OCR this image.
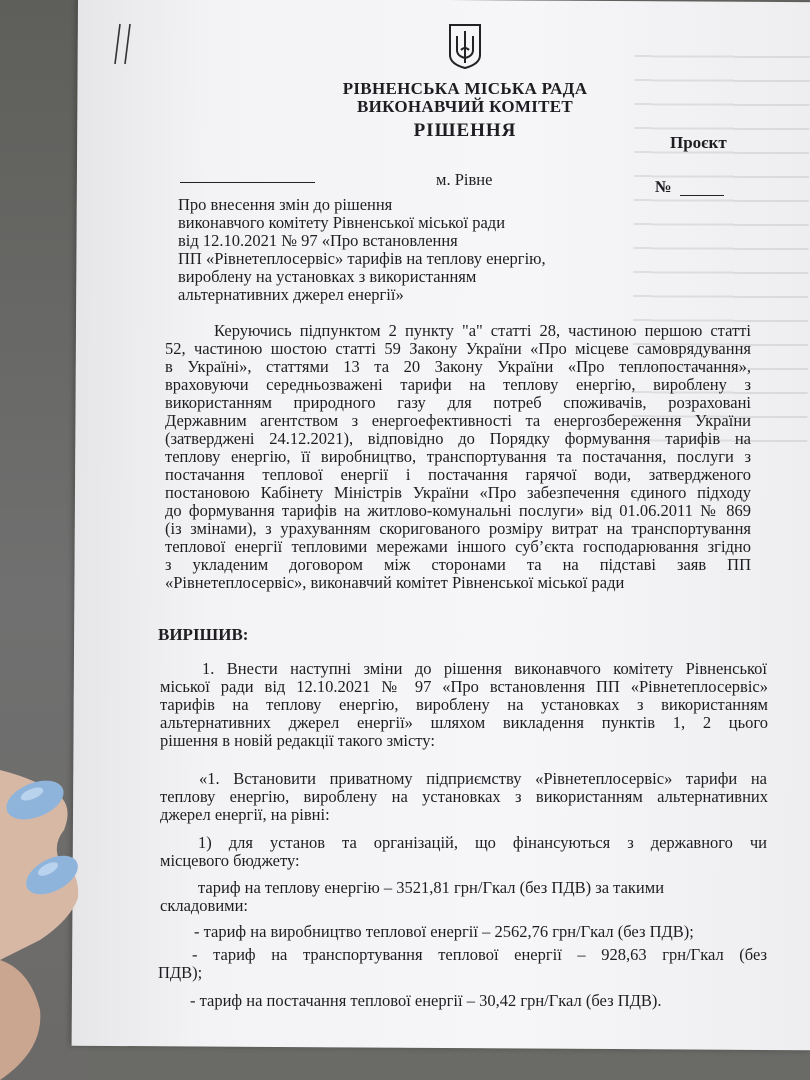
РІВНЕНСЬКА МІСЬКА РАДА
ВИКОНАВЧИЙ КОМІТЕТ
РІШЕННЯ
Проєкт
м. Рівне	№
Про внесення змін до рішення
виконавчого комітету Рівненської міської ради
від 12.10.2021 № 97 «Про встановлення
ПП «Рівнетеплосервіс» тарифів на теплову енергію,
вироблену на установках з використанням
альтернативних джерел енергії»
Керуючись підпунктом 2 пункту "а" статті 28, частиною першою статті
52, частиною шостою статті 59 Закону України «Про місцеве самоврядування
в Україні», статтями 13 та 20 Закону України «Про теплопостачання»,
враховуючи середньозважені тарифи на теплову енергію, вироблену з
використанням природного газу для потреб споживачів, розраховані
Державним агентством з енергоефективності та енергозбереження України
(затверджені 24.12.2021), відповідно до Порядку формування тарифів на
теплову енергію, її виробництво, транспортування та постачання, послуги з
постачання теплової енергії і постачання гарячої води, затвердженого
постановою Кабінету Міністрів України «Про забезпечення єдиного підходу
до формування тарифів на житлово-комунальні послуги» від 01.06.2011 № 869
(із змінами), з урахуванням скоригованого розміру витрат на транспортування
теплової енергії тепловими мережами іншого суб’єкта господарювання згідно
з укладеним договором між сторонами та на підставі заяв ПП
«Рівнетеплосервіс», виконавчий комітет Рівненської міської ради
ВИРІШИВ:
1. Внести наступні зміни до рішення виконавчого комітету Рівненської
міської ради від 12.10.2021 № 97 «Про встановлення ПП «Рівнетеплосервіс»
тарифів на теплову енергію, вироблену на установках з використанням
альтернативних джерел енергії» шляхом викладення пунктів 1, 2 цього
рішення в новій редакції такого змісту:
«1. Встановити приватному підприємству «Рівнетеплосервіс» тарифи на
теплову енергію, вироблену на установках з використанням альтернативних
джерел енергії, на рівні:
1) для установ та організацій, що фінансуються з державного чи
місцевого бюджету:
тариф на теплову енергію – 3521,81 грн/Гкал (без ПДВ) за такими
складовими:
- тариф на виробництво теплової енергії – 2562,76 грн/Гкал (без ПДВ);
- тариф на транспортування теплової енергії – 928,63 грн/Гкал (без
ПДВ);
- тариф на постачання теплової енергії – 30,42 грн/Гкал (без ПДВ).
